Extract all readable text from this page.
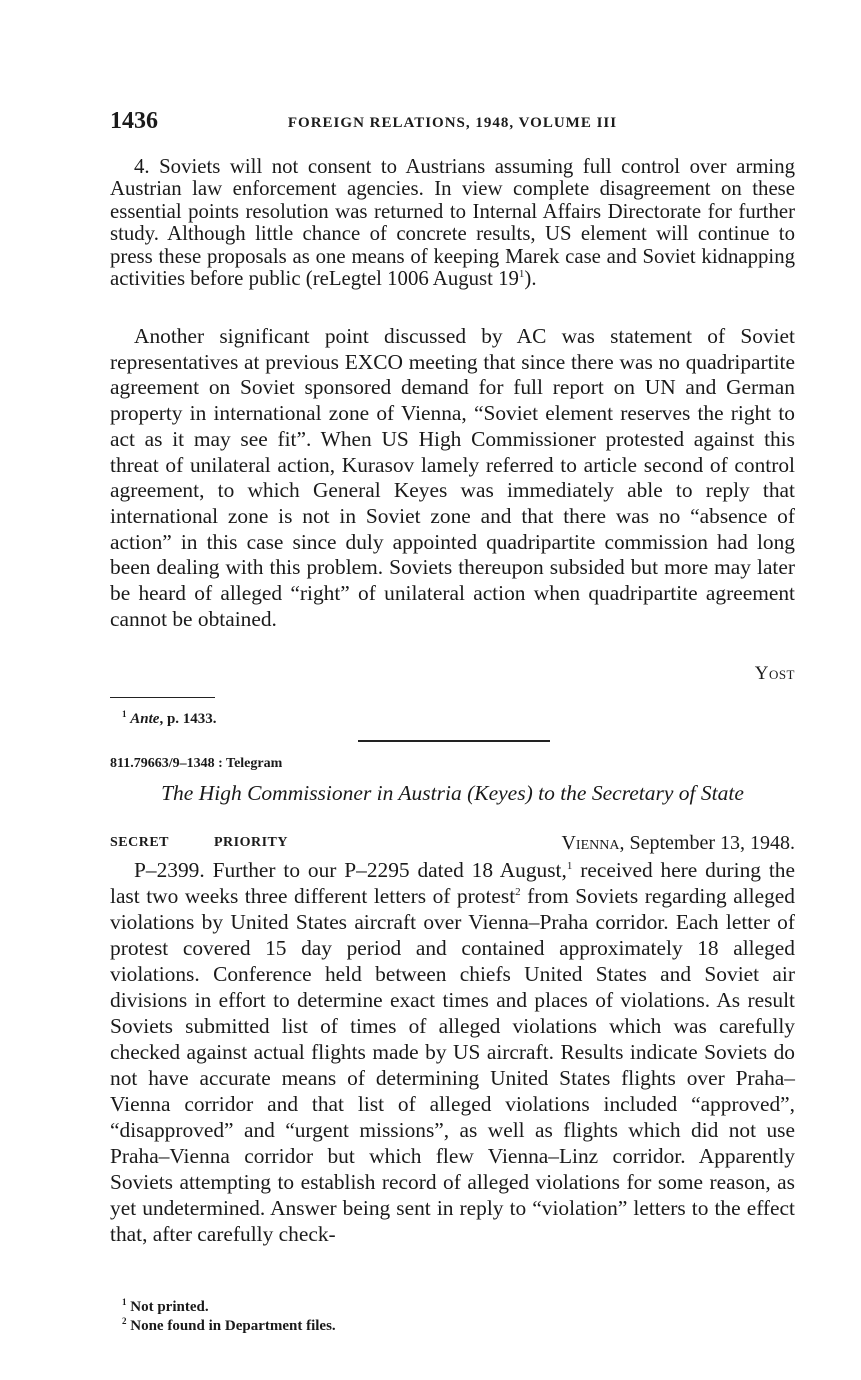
1436	FOREIGN RELATIONS, 1948, VOLUME III

4. Soviets will not consent to Austrians assuming full control over arming Austrian law enforcement agencies. In view complete disagreement on these essential points resolution was returned to Internal Affairs Directorate for further study. Although little chance of concrete results, US element will continue to press these proposals as one means of keeping Marek case and Soviet kidnapping activities before public (reLegtel 1006 August $19^1$).

Another significant point discussed by AC was statement of Soviet representatives at previous EXCO meeting that since there was no quadripartite agreement on Soviet sponsored demand for full report on UN and German property in international zone of Vienna, “Soviet element reserves the right to act as it may see fit”. When US High Commissioner protested against this threat of unilateral action, Kurasov lamely referred to article second of control agreement, to which General Keyes was immediately able to reply that international zone is not in Soviet zone and that there was no “absence of action” in this case since duly appointed quadripartite commission had long been dealing with this problem. Soviets thereupon subsided but more may later be heard of alleged “right” of unilateral action when quadripartite agreement cannot be obtained.

Yost
$^1$ Ante, p. 1433.
811.79663/9–1348 : Telegram
The High Commissioner in Austria (Keyes) to the Secretary of State
SECRET	PRIORITY	Vienna, September 13, 1948.

P–2399. Further to our P–2295 dated 18 August,$^1$ received here during the last two weeks three different letters of protest$^2$ from Soviets regarding alleged violations by United States aircraft over Vienna–Praha corridor. Each letter of protest covered 15 day period and contained approximately 18 alleged violations. Conference held between chiefs United States and Soviet air divisions in effort to determine exact times and places of violations. As result Soviets submitted list of times of alleged violations which was carefully checked against actual flights made by US aircraft. Results indicate Soviets do not have accurate means of determining United States flights over Praha–Vienna corridor and that list of alleged violations included “approved”, “disapproved” and “urgent missions”, as well as flights which did not use Praha–Vienna corridor but which flew Vienna–Linz corridor. Apparently Soviets attempting to establish record of alleged violations for some reason, as yet undetermined. Answer being sent in reply to “violation” letters to the effect that, after carefully check-

$^1$ Not printed.
$^2$ None found in Department files.
